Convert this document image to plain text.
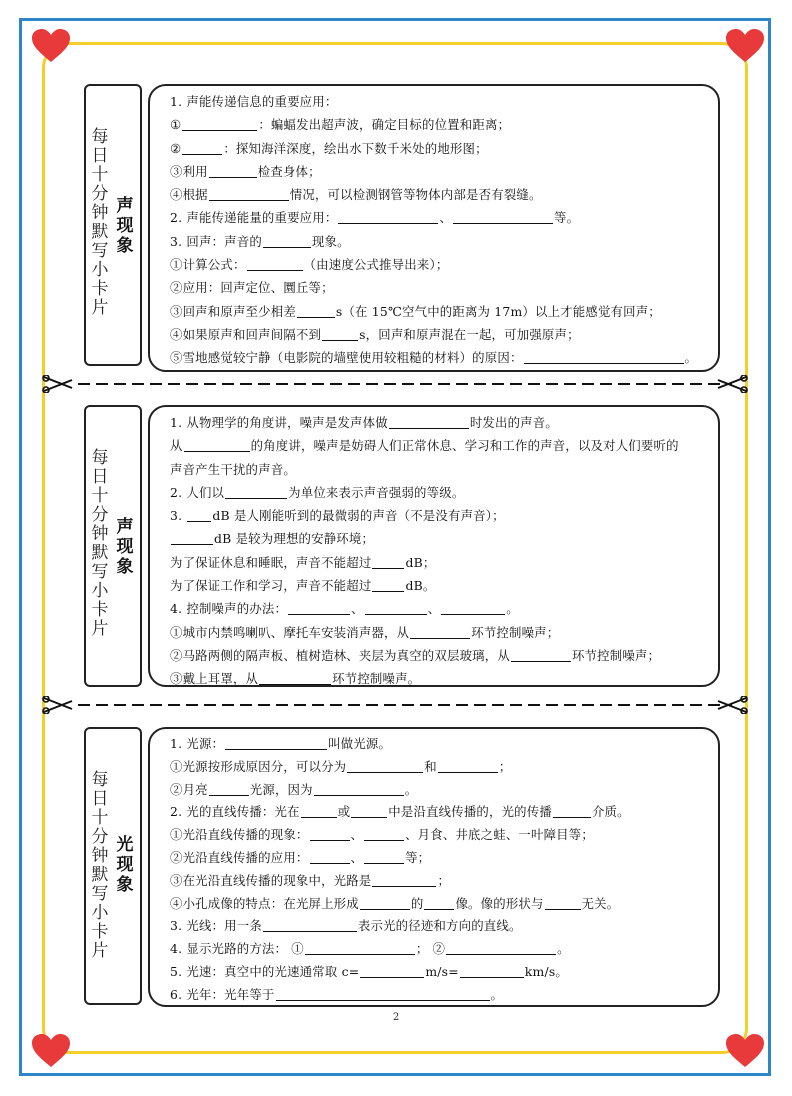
每
日
十
分
钟
默
写
小
卡
片
声
现
象
1. 声能传递信息的重要应用：
①	：蝙蝠发出超声波，确定目标的位置和距离；
②	：探知海洋深度，绘出水下数千米处的地形图；
③利用	检查身体；
④根据	情况，可以检测钢管等物体内部是否有裂缝。
2. 声能传递能量的重要应用：	、	等。
3. 回声：声音的	现象。
①计算公式：	（由速度公式推导出来）；
②应用：回声定位、圜丘等；
③回声和原声至少相差	s（在 15℃空气中的距离为 17m）以上才能感觉有回声；
④如果原声和回声间隔不到	s，回声和原声混在一起，可加强原声；
⑤雪地感觉较宁静（电影院的墙壁使用较粗糙的材料）的原因：	。
每
日
十
分
钟
默
写
小
卡
片
声
现
象
1. 从物理学的角度讲，噪声是发声体做	时发出的声音。
从	的角度讲，噪声是妨碍人们正常休息、学习和工作的声音，以及对人们要听的
声音产生干扰的声音。
2. 人们以	为单位来表示声音强弱的等级。
3. dB 是人刚能听到的最微弱的声音（不是没有声音）；
dB 是较为理想的安静环境；
为了保证休息和睡眠，声音不能超过	dB；
为了保证工作和学习，声音不能超过	dB。
4. 控制噪声的办法：	、	、	。
①城市内禁鸣喇叭、摩托车安装消声器，从	环节控制噪声；
②马路两侧的隔声板、植树造林、夹层为真空的双层玻璃，从	环节控制噪声；
③戴上耳罩，从	环节控制噪声。
每
日
十
分
钟
默
写
小
卡
片
光
现
象
1. 光源：	叫做光源。
①光源按形成原因分，可以分为	和	；
②月亮	光源，因为	。
2. 光的直线传播：光在	或	中是沿直线传播的，光的传播	介质。
①光沿直线传播的现象：	、	、月食、井底之蛙、一叶障目等；
②光沿直线传播的应用：	、	等；
③在光沿直线传播的现象中，光路是	；
④小孔成像的特点：在光屏上形成	的	像。像的形状与	无关。
3. 光线：用一条	表示光的径迹和方向的直线。
4. 显示光路的方法： ①	； ②	。
5. 光速：真空中的光速通常取 c=	m/s=	km/s。
6. 光年：光年等于	。
2
